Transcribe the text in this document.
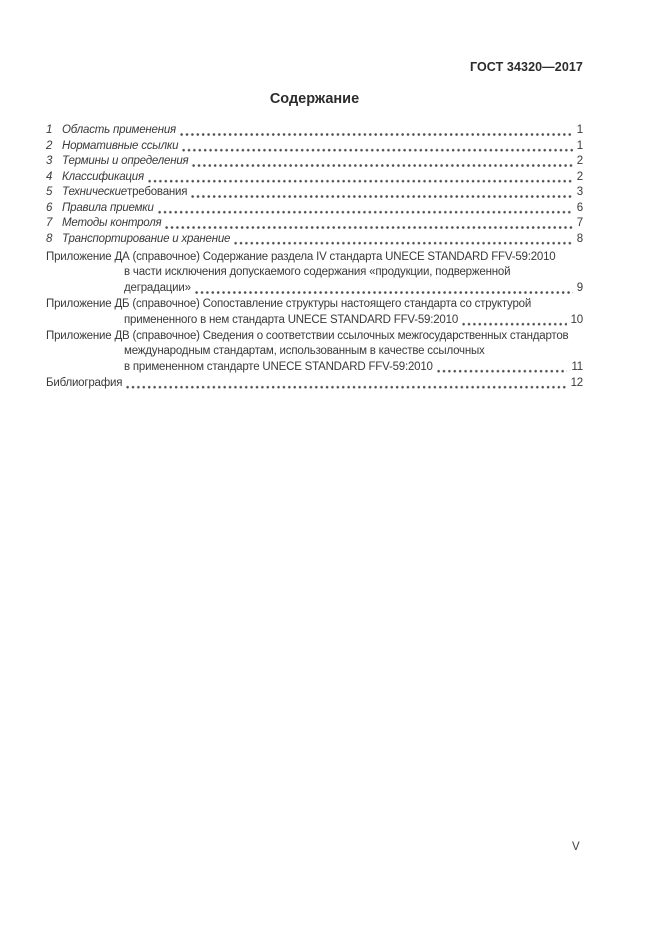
ГОСТ 34320—2017
Содержание
1 Область применения	1
2 Нормативные ссылки	1
3 Термины и определения	2
4 Классификация	2
5 Технические требования	3
6 Правила приемки	6
7 Методы контроля	7
8 Транспортирование и хранение	8
Приложение ДА (справочное) Содержание раздела IV стандарта UNECE STANDARD FFV-59:2010
в части исключения допускаемого содержания «продукции, подверженной
деградации»	9
Приложение ДБ (справочное) Сопоставление структуры настоящего стандарта со структурой
примененного в нем стандарта UNECE STANDARD FFV-59:2010	10
Приложение ДВ (справочное) Сведения о соответствии ссылочных межгосударственных стандартов
международным стандартам, использованным в качестве ссылочных
в примененном стандарте UNECE STANDARD FFV-59:2010	11
Библиография	12
V
